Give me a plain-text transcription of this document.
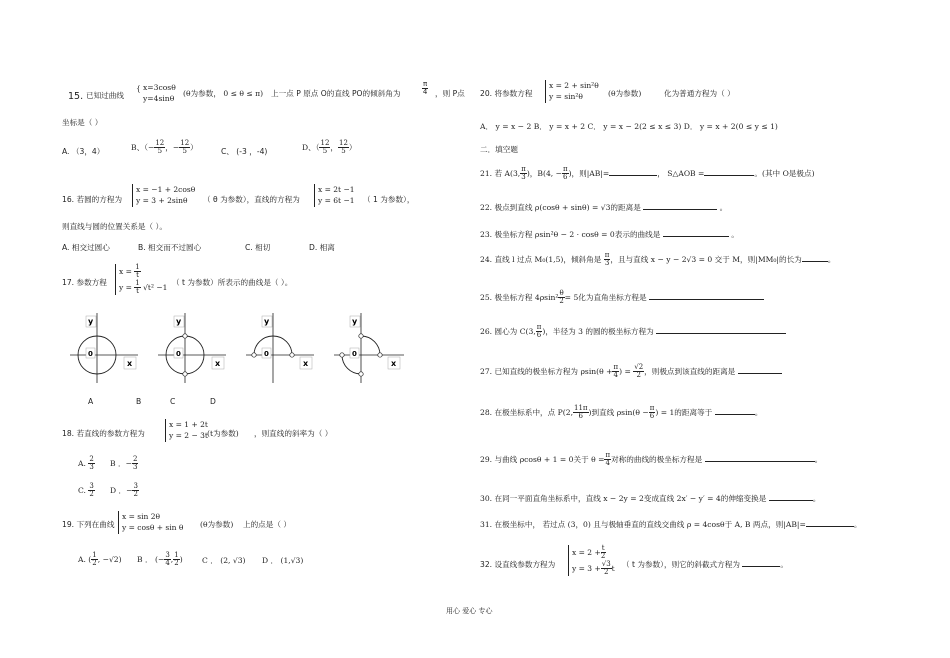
15. 已知过曲线
{ x=3cosθ
y=4sinθ
(θ为参数， 0 ≤ θ ≤ π) 上一点 P 原点 O的直线 PO的倾斜角为	$\frac{\pi}{4}$ ，则 P点
坐标是（ ）
A. （3，4）	B、（− $\frac{12}{5}$ ，− $\frac{12}{5}$ ）	C、 (-3 ，-4)	D、（ $\frac{12}{5}$ ， $\frac{12}{5}$ ）
16. 若圆的方程为
x = −1 + 2cosθ
y = 3 + 2sinθ	（ θ 为参数），直线的方程为
x = 2t −1
y = 6t −1 （ 1 为参数），
则直线与圆的位置关系是（ ）。
A. 相交过圆心	B. 相交而不过圆心	C. 相切	D. 相离
17. 参数方程
$x = \frac{1}{t}$
$y = \frac{1}{t} √t^2 -1$
（ t 为参数）所表示的曲线是（ ）。
y
x
0
y
x
0
y
x
0
y
x
0
A	B	C	D
18. 若直线的参数方程为
x = 1 + 2t
y = 2 − 3t (t为参数) ，则直线的斜率为（ ）
A. $\frac{2}{3}$ B ．− $\frac{2}{3}$
C. $\frac{3}{2}$ D ．− $\frac{3}{2}$
19. 下列在曲线
x = sin 2θ
y = cosθ + sin θ (θ为参数) 上的点是（ ）
A. ( $\frac{1}{2}$ , −√2) B ． (− $\frac{3}{4}$ , $\frac{1}{2}$ )	C ． (2, √3) D ． (1,√3)
20. 将参数方程
x = 2 + sin²θ
y = sin²θ	(θ为参数)	化为普通方程为（ ）
A． y = x − 2 B． y = x + 2 C． y = x − 2(2 ≤ x ≤ 3) D． y = x + 2(0 ≤ y ≤ 1)
二．填空题
21. 若 A(3, $\frac{\pi}{3}$ )，B(4, − $\frac{\pi}{6}$ )，则|AB|=	， S△AOB =	。(其中 O是极点)
22. 极点到直线 ρ(cosθ + sinθ) = √3的距离是	。
23. 极坐标方程 ρsin²θ − 2 · cosθ = 0表示的曲线是	。
24. 直线 l 过点 M₀(1,5)，倾斜角是 $\frac{\pi}{3}$ ，且与直线 x − y − 2√3 = 0 交于 M，则|MM₀|的长为	。
25. 极坐标方程 $4\rho\sin^2 \frac{\theta}{2} = 5$化为直角坐标方程是
26. 圆心为 C(3, $\frac{\pi}{6}$ )，半径为 3 的圆的极坐标方程为
27. 已知直线的极坐标方程为 $\rho\sin(\theta + \frac{\pi}{4}$ ) = $\frac{√2}{2}$ ，则极点到该直线的距离是
28. 在极坐标系中，点 P(2, $\frac{11\pi}{6}$ )到直线 $\rho\sin(\theta - \frac{\pi}{6}$ ) = 1的距离等于	。
29. 与曲线 ρcosθ + 1 = 0关于 $\theta = \frac{\pi}{4}$ 对称的曲线的极坐标方程是	。
30. 在同一平面直角坐标系中，直线 x − 2y = 2变成直线 2x′ − y′ = 4的伸缩变换是	。
31. 在极坐标中， 若过点 (3，0) 且与极轴垂直的直线交曲线 ρ = 4cosθ于 A, B 两点，则|AB|=	。
32. 设直线参数方程为
$x = 2 + \frac{t}{2}$
$y = 3 + \frac{√3}{2}$ t （ t 为参数），则它的斜截式方程为	。
用心 爱心 专心
